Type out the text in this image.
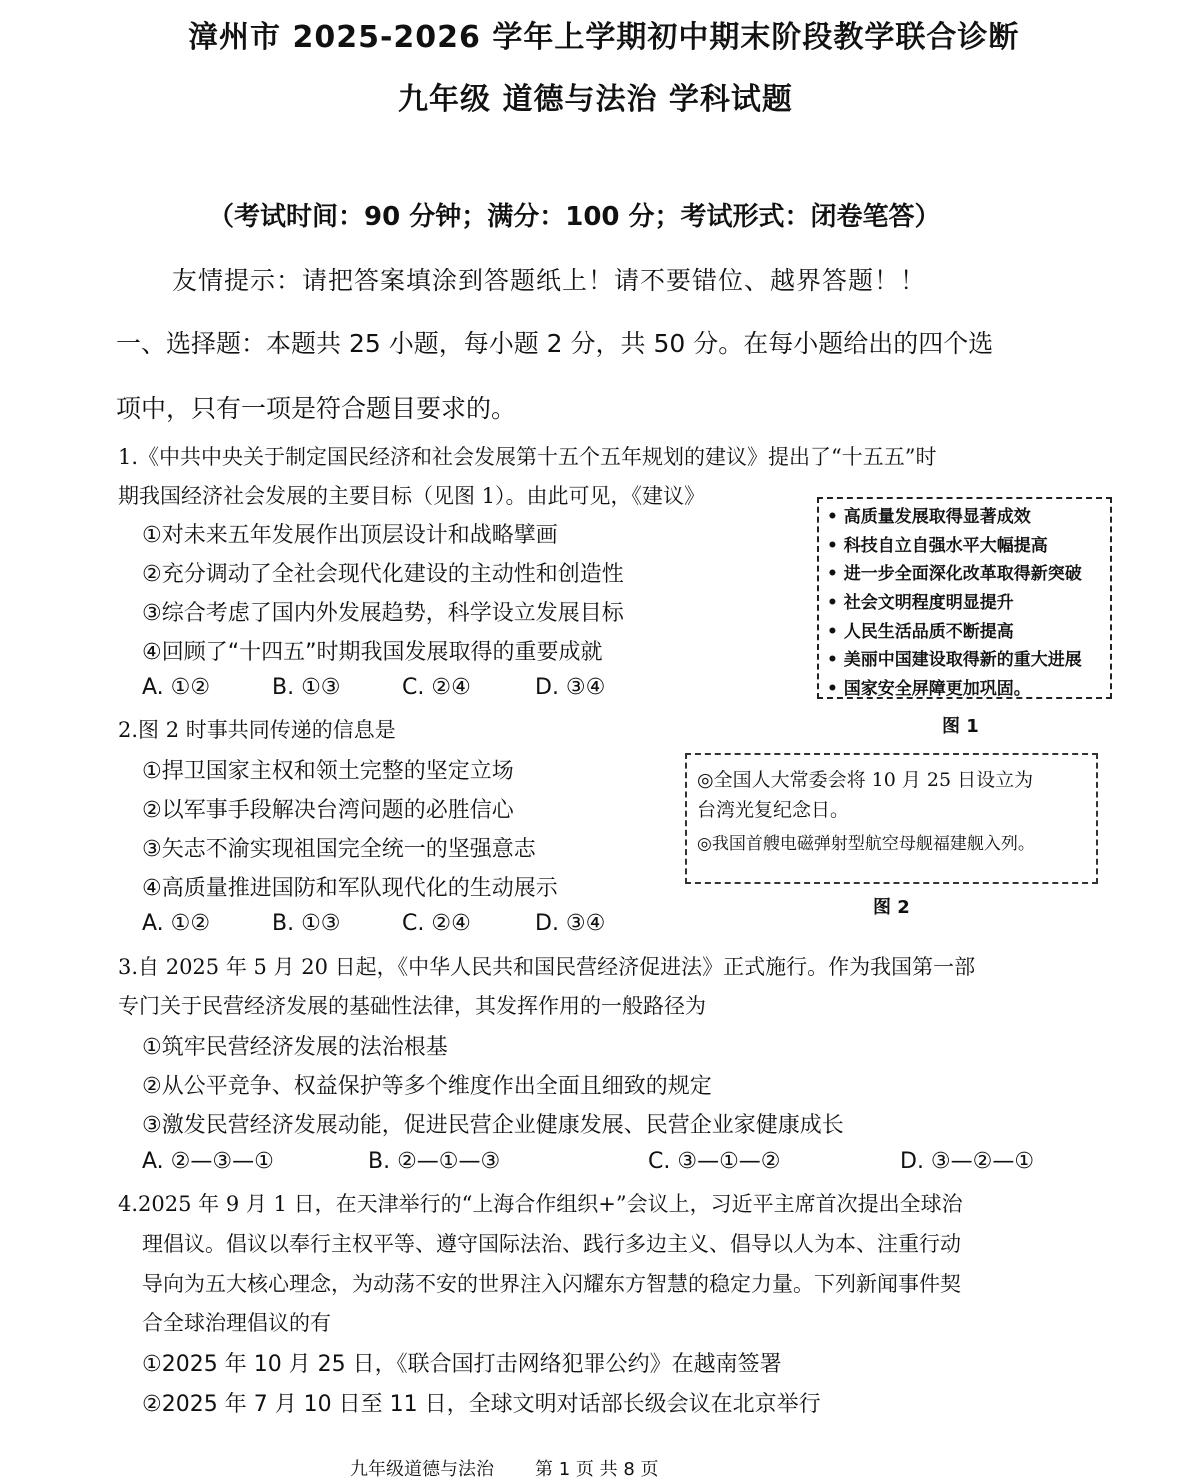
漳州市 2025-2026 学年上学期初中期末阶段教学联合诊断
九年级 道德与法治 学科试题
（考试时间：90 分钟；满分：100 分；考试形式：闭卷笔答）
友情提示：请把答案填涂到答题纸上！请不要错位、越界答题！！
一、选择题：本题共 25 小题，每小题 2 分，共 50 分。在每小题给出的四个选
项中，只有一项是符合题目要求的。
1.《中共中央关于制定国民经济和社会发展第十五个五年规划的建议》提出了“十五五”时
期我国经济社会发展的主要目标（见图 1）。由此可见，《建议》
①对未来五年发展作出顶层设计和战略擘画
②充分调动了全社会现代化建设的主动性和创造性
③综合考虑了国内外发展趋势，科学设立发展目标
④回顾了“十四五”时期我国发展取得的重要成就
A. ①②	B. ①③	C. ②④	D. ③④
• 高质量发展取得显著成效
• 科技自立自强水平大幅提高
• 进一步全面深化改革取得新突破
• 社会文明程度明显提升
• 人民生活品质不断提高
• 美丽中国建设取得新的重大进展
• 国家安全屏障更加巩固。
图 1
2.图 2 时事共同传递的信息是
①捍卫国家主权和领土完整的坚定立场
②以军事手段解决台湾问题的必胜信心
③矢志不渝实现祖国完全统一的坚强意志
④高质量推进国防和军队现代化的生动展示
A. ①②	B. ①③	C. ②④	D. ③④
◎全国人大常委会将 10 月 25 日设立为
台湾光复纪念日。
◎我国首艘电磁弹射型航空母舰福建舰入列。
图 2
3.自 2025 年 5 月 20 日起，《中华人民共和国民营经济促进法》正式施行。作为我国第一部
专门关于民营经济发展的基础性法律，其发挥作用的一般路径为
①筑牢民营经济发展的法治根基
②从公平竞争、权益保护等多个维度作出全面且细致的规定
③激发民营经济发展动能，促进民营企业健康发展、民营企业家健康成长
A. ②—③—①	B. ②—①—③	C. ③—①—②	D. ③—②—①
4.2025 年 9 月 1 日，在天津举行的“上海合作组织+”会议上，习近平主席首次提出全球治
理倡议。倡议以奉行主权平等、遵守国际法治、践行多边主义、倡导以人为本、注重行动
导向为五大核心理念，为动荡不安的世界注入闪耀东方智慧的稳定力量。下列新闻事件契
合全球治理倡议的有
①2025 年 10 月 25 日，《联合国打击网络犯罪公约》在越南签署
②2025 年 7 月 10 日至 11 日，全球文明对话部长级会议在北京举行
九年级道德与法治 第 1 页 共 8 页
